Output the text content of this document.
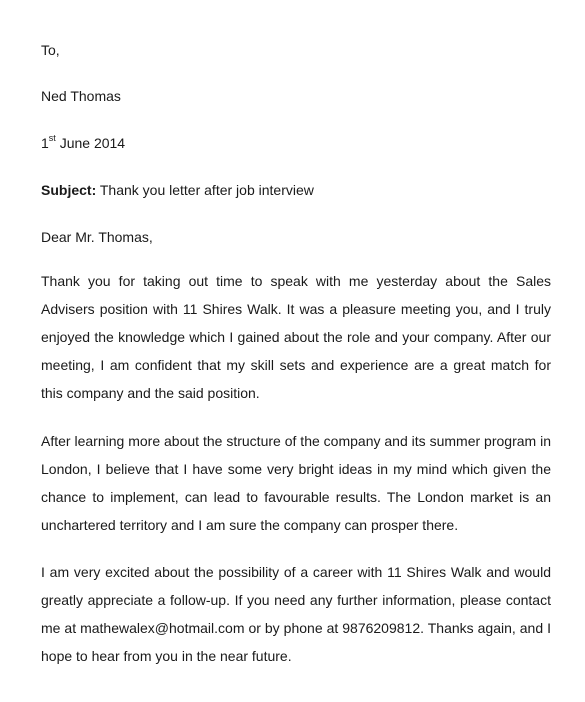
To,
Ned Thomas
1st June 2014
Subject: Thank you letter after job interview
Dear Mr. Thomas,

Thank you for taking out time to speak with me yesterday about the Sales Advisers position with 11 Shires Walk. It was a pleasure meeting you, and I truly enjoyed the knowledge which I gained about the role and your company. After our meeting, I am confident that my skill sets and experience are a great match for this company and the said position.

After learning more about the structure of the company and its summer program in London, I believe that I have some very bright ideas in my mind which given the chance to implement, can lead to favourable results. The London market is an unchartered territory and I am sure the company can prosper there.

I am very excited about the possibility of a career with 11 Shires Walk and would greatly appreciate a follow-up. If you need any further information, please contact me at mathewalex@hotmail.com or by phone at 9876209812. Thanks again, and I hope to hear from you in the near future.
